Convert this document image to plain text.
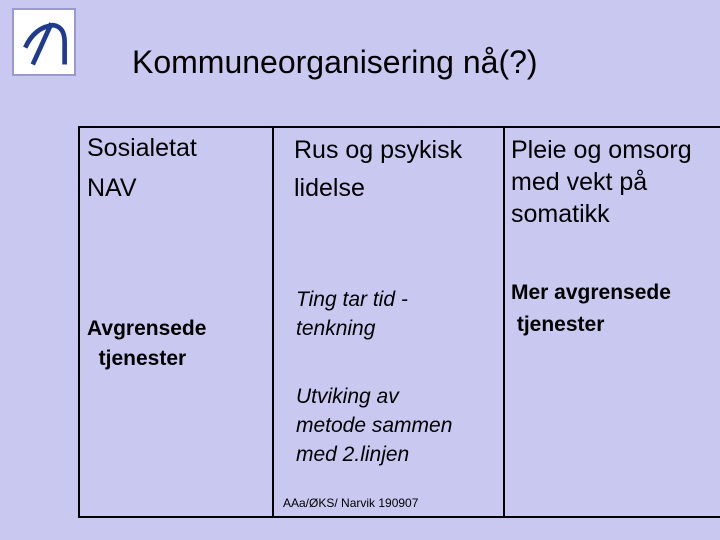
Kommuneorganisering nå(?)
Sosialetat
NAV
Avgrensede
tjenester
Rus og psykisk
lidelse
Ting tar tid -
tenkning
Utviking av
metode sammen
med 2.linjen
AAa/ØKS/ Narvik 190907
Pleie og omsorg
med vekt på
somatikk
Mer avgrensede
tjenester
